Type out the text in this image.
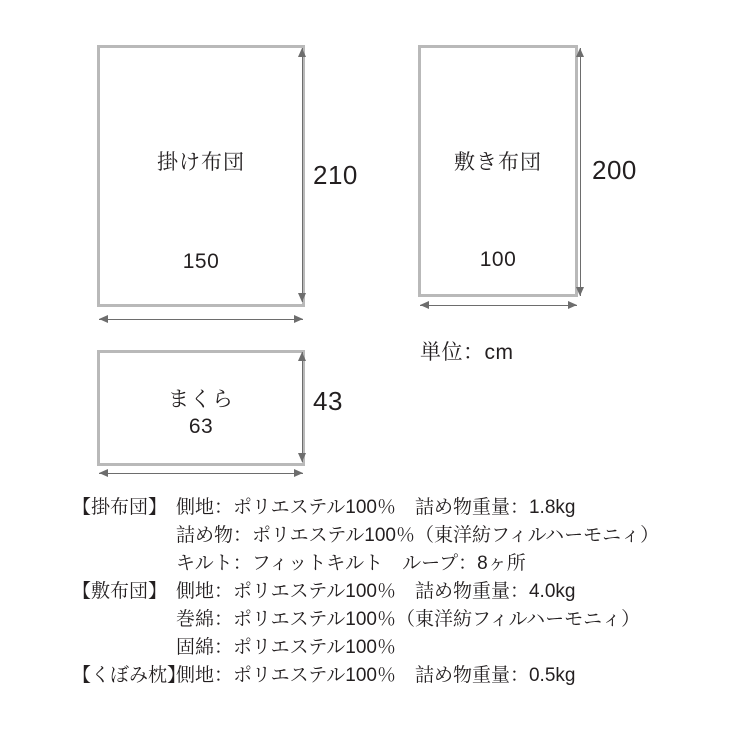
掛け布団
150
210	敷き布団
100
200
まくら
63
43
単位：cm
【掛布団】 側地：ポリエステル100％　詰め物重量：1.8kg
詰め物：ポリエステル100％（東洋紡フィルハーモニィ）
キルト：フィットキルト　ループ：8ヶ所
【敷布団】 側地：ポリエステル100％　詰め物重量：4.0kg
巻綿：ポリエステル100％（東洋紡フィルハーモニィ）
固綿：ポリエステル100％
【くぼみ枕】
側地：ポリエステル100％　詰め物重量：0.5kg
